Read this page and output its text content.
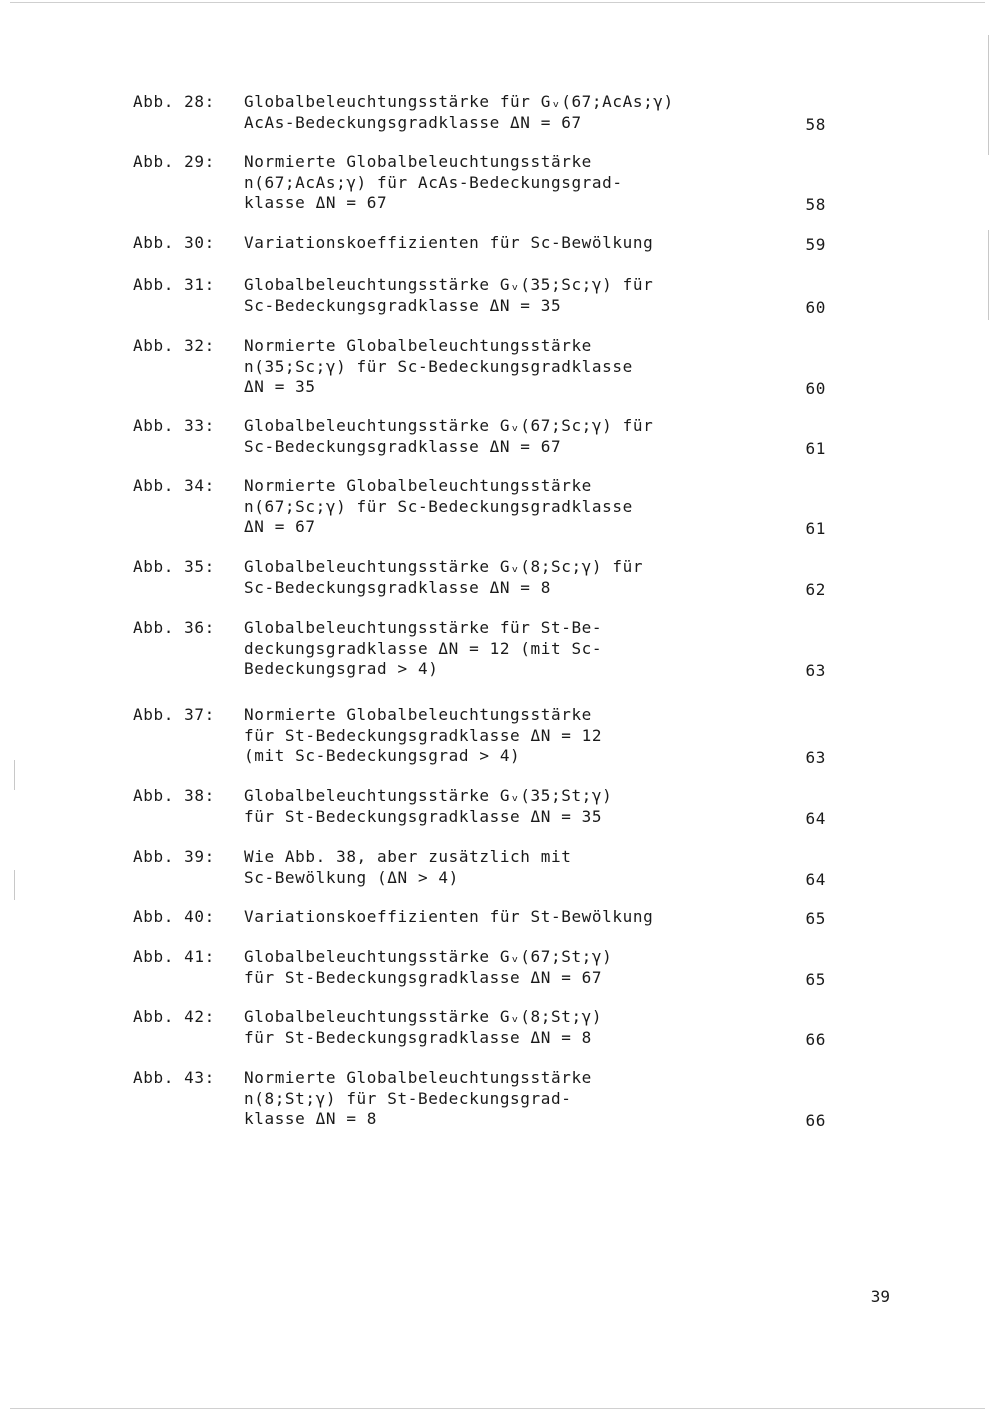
Abb. 28: Globalbeleuchtungsstärke für Gᵥ(67;AcAs;γ)
AcAs-Bedeckungsgradklasse ΔN = 67	58
Abb. 29: Normierte Globalbeleuchtungsstärke
n(67;AcAs;γ) für AcAs-Bedeckungsgrad-
klasse ΔN = 67	58
Abb. 30: Variationskoeffizienten für Sc-Bewölkung	59
Abb. 31: Globalbeleuchtungsstärke Gᵥ(35;Sc;γ) für
Sc-Bedeckungsgradklasse ΔN = 35	60
Abb. 32: Normierte Globalbeleuchtungsstärke
n(35;Sc;γ) für Sc-Bedeckungsgradklasse
ΔN = 35	60
Abb. 33: Globalbeleuchtungsstärke Gᵥ(67;Sc;γ) für
Sc-Bedeckungsgradklasse ΔN = 67	61
Abb. 34: Normierte Globalbeleuchtungsstärke
n(67;Sc;γ) für Sc-Bedeckungsgradklasse
ΔN = 67	61
Abb. 35: Globalbeleuchtungsstärke Gᵥ(8;Sc;γ) für
Sc-Bedeckungsgradklasse ΔN = 8	62
Abb. 36: Globalbeleuchtungsstärke für St-Be-
deckungsgradklasse ΔN = 12 (mit Sc-
Bedeckungsgrad > 4)	63
Abb. 37: Normierte Globalbeleuchtungsstärke
für St-Bedeckungsgradklasse ΔN = 12
(mit Sc-Bedeckungsgrad > 4)	63
Abb. 38: Globalbeleuchtungsstärke Gᵥ(35;St;γ)
für St-Bedeckungsgradklasse ΔN = 35	64
Abb. 39: Wie Abb. 38, aber zusätzlich mit
Sc-Bewölkung (ΔN > 4)	64
Abb. 40: Variationskoeffizienten für St-Bewölkung	65
Abb. 41: Globalbeleuchtungsstärke Gᵥ(67;St;γ)
für St-Bedeckungsgradklasse ΔN = 67	65
Abb. 42: Globalbeleuchtungsstärke Gᵥ(8;St;γ)
für St-Bedeckungsgradklasse ΔN = 8	66
Abb. 43: Normierte Globalbeleuchtungsstärke
n(8;St;γ) für St-Bedeckungsgrad-
klasse ΔN = 8	66
39
